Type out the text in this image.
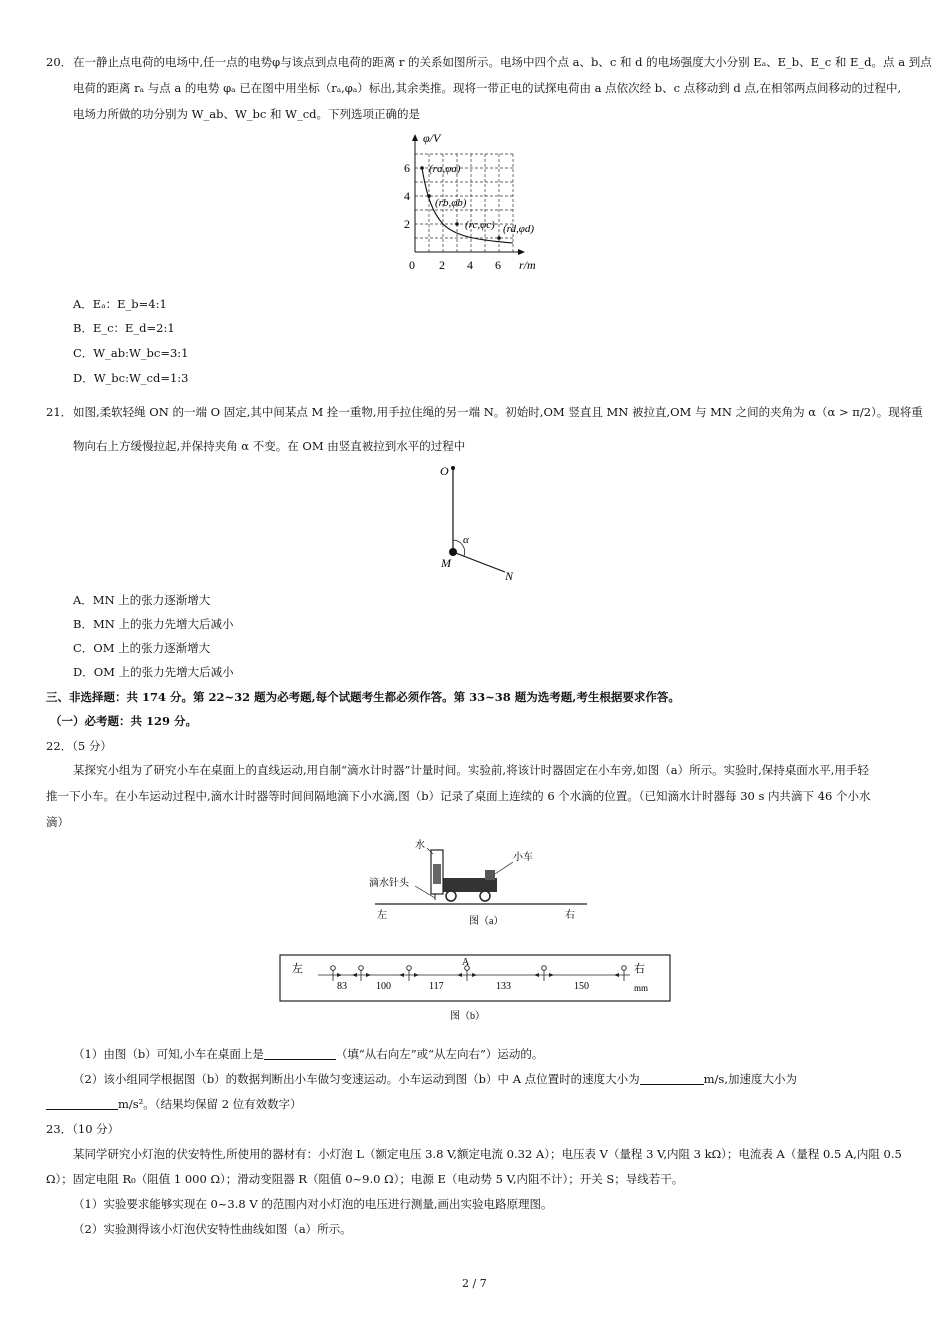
20． 在一静止点电荷的电场中,任一点的电势φ与该点到点电荷的距离 r 的关系如图所示。电场中四个点 a、b、c 和 d 的电场强度大小分别 Eₐ、E_b、E_c 和 E_d。点 a 到点
电荷的距离 rₐ 与点 a 的电势 φₐ 已在图中用坐标（rₐ,φₐ）标出,其余类推。现将一带正电的试探电荷由 a 点依次经 b、c 点移动到 d 点,在相邻两点间移动的过程中,
电场力所做的功分别为 W_ab、W_bc 和 W_cd。下列选项正确的是
φ/V
6
4
2
0 2 4 6 r/m
(ra,φa)
(rb,φb)
(rc,φc) (rd,φd)
A．Eₐ：E_b=4:1
B．E_c：E_d=2:1
C．W_ab:W_bc=3:1
D．W_bc:W_cd=1:3
21． 如图,柔软轻绳 ON 的一端 O 固定,其中间某点 M 拴一重物,用手拉住绳的另一端 N。初始时,OM 竖直且 MN 被拉直,OM 与 MN 之间的夹角为 α（α > π/2）。现将重
物向右上方缓慢拉起,并保持夹角 α 不变。在 OM 由竖直被拉到水平的过程中
O
M
N
α
A．MN 上的张力逐渐增大
B．MN 上的张力先增大后减小
C．OM 上的张力逐渐增大
D．OM 上的张力先增大后减小
三、非选择题：共 174 分。第 22~32 题为必考题,每个试题考生都必须作答。第 33~38 题为选考题,考生根据要求作答。
（一）必考题：共 129 分。
22．（5 分）
某探究小组为了研究小车在桌面上的直线运动,用自制“滴水计时器”计量时间。实验前,将该计时器固定在小车旁,如图（a）所示。实验时,保持桌面水平,用手轻
推一下小车。在小车运动过程中,滴水计时器等时间间隔地滴下小水滴,图（b）记录了桌面上连续的 6 个水滴的位置。（已知滴水计时器每 30 s 内共滴下 46 个小水
滴）
水
小车
滴水针头
左	右
图（a）
左
A
右
mm
83	100	117	133	150
图（b）
（1）由图（b）可知,小车在桌面上是	（填“从右向左”或“从左向右”）运动的。
（2）该小组同学根据图（b）的数据判断出小车做匀变速运动。小车运动到图（b）中 A 点位置时的速度大小为	m/s,加速度大小为
m/s²。（结果均保留 2 位有效数字）
23．（10 分）
某同学研究小灯泡的伏安特性,所使用的器材有：小灯泡 L（额定电压 3.8 V,额定电流 0.32 A）；电压表 V（量程 3 V,内阻 3 kΩ）；电流表 A（量程 0.5 A,内阻 0.5
Ω）；固定电阻 R₀（阻值 1 000 Ω）；滑动变阻器 R（阻值 0~9.0 Ω）；电源 E（电动势 5 V,内阻不计）；开关 S；导线若干。
（1）实验要求能够实现在 0~3.8 V 的范围内对小灯泡的电压进行测量,画出实验电路原理图。
（2）实验测得该小灯泡伏安特性曲线如图（a）所示。
2 / 7
